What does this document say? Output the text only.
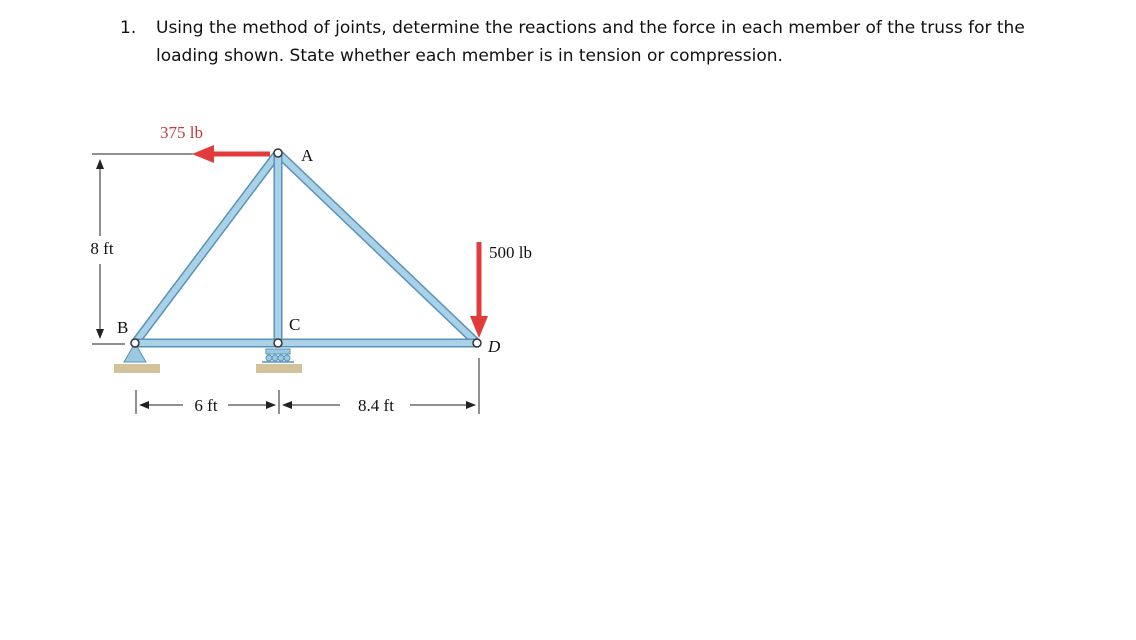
1. Using the method of joints, determine the reactions and the force in each member of the truss for the loading shown. State whether each member is in tension or compression.
8 ft
A
B	C
D
375 lb
500 lb
6 ft	8.4 ft
